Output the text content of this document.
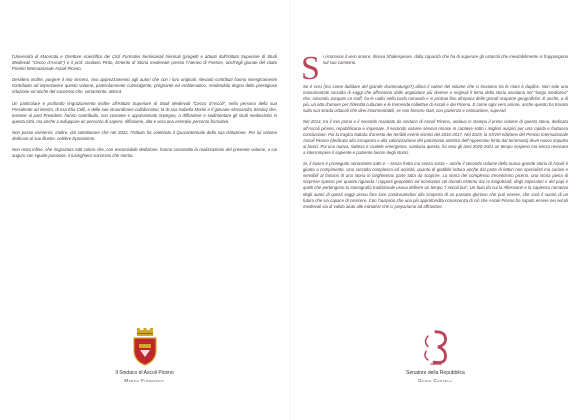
l'Università di Macerata e Direttore scientifico dei Cicli Formativi Seminariali triennali (progetti e attuati dall'Istituto Superiore di Studi Medievali "Cecco d'Ascoli") e il prof. Giuliano Pinto, Emerito di Storia medievale presso l'Ateneo di Firenze, anch'egli giurato del citato Premio Internazionale Ascoli Piceno.

Desidero inoltre, porgere il mio sincero, vivo apprezzamento agli autori che con i loro originali, rilevanti contributi hanno sinergicamente contribuito ad impreziosire questo volume, particolarmente coinvolgente, pregnante ed emblematico, rendendolo degno della prestigiosa riduzione ed anche del successo che, certamente, otterrà.

Un particolare e profondo ringraziamento inoltre all'Istituto Superiore di Studi Medievali "Cecco d'Ascoli", nella persona della sua Presidente ad interim, dr.ssa Elia Celli, e delle sue straordinarie collaboratori, la dr.ssa Isabella Morini e il giovane Alessandro Senzioj che, insieme al past President, hanno contribuito, con costante e appassionato impegno, a diffondere e sedimentare gli studi medievistici in questa città, ma anche a sviluppare un percorso di sapere, diffusione, alta e vera una esempio percorso formativo.

Non posso esimermi, inoltre, dal sottolineare che nel 2022, l'Istituto ha celebrato il Quarantennale della sua istituzione. Per lui volume dedicare al suo illustre, celebre Epononimo.

Non resta infine, che ringraziare tutti coloro che, con encomiabile dedizione, hanno consentito la realizzazione del presente volume, a cui auguro con sguale passione, il lusinghiero successo che merita.

Il Sindaco di Ascoli Piceno
Marco Fioravanti
S i riconosce il vero amore, diceva Shakespeare, dalla capacità che ha di superare gli ostacoli che inevitabilmente si frappongono sul suo cammino.

Se è così (ma come dubitare del grande drammaturgo?) allora il valore del volume che ci troviamo tra le mani è duplice. Non solo una monumentale raccolta di saggi che affrontano dalle angolature più diverse e originali il tema della storia ascolana nel "lungo medioevo" che, secondo Jacques Le Goff, ha le radici nella tarda romanità e si protrae fino all'epoca delle grandi scoperte geografiche. È anche, e di più, un atto d'amore per l'identità culturale e le tremende collettivo di Ascoli e dei Piceno. E come ogni vero amore, anche questo ha trovato sulla sua strada ostacoli che direi insormontabili, se non fossero stati, con pazienza e ostinazione, superati.

Nel 2014, tra il mio primo e il secondo mandato da sindaco di Ascoli Piceno, andava in stampa il primo volume di questa storia, dedicato all'Ascoli piceno, repubblicana e imperiale. Il secondo volume serviva rimase in cantiere sotto i migliori auspici per una rapida e fruttuosa conclusione. Poi la tragica battuta d'arresto dei terribili eventi sismici del 2016-2017. Nel 2019, la XXVIII edizione del Premio Internazionale Ascoli Piceno (dedicato alla riscoperta e alla valorizzazione del patrimonio artistico dell'Appennino ferito dal terremoto) deve nuovo impulso ai lavori. Poi una nuova, riattesa e crudele emergenza, sanitaria questa, ha reso gli anni 2020-2021 un tempo sospeso ma senza revocare a interrompere il sapiente e paziente lavoro degli storici.

Si, il lavoro è proseguito nonostante tutto e – senza fretta ma senza sosta – anche il secondo volume della nuova grande storia di Ascoli è giunto a compimento. Una raccolta complessa ed ariosità, quanto di godibile lettura anche dal parte di lettori non specialisti ma curiosi e sensibili al fascino di una storia in larghissima parte tutta da scoprire. La storia del complesso trecentismo piceno, una storia piena di sorprese spesso per quanto riguarda i rapporti geopolitici ed economici col mondo esterno dai re longobardi, degli imperatori e dei papi e quelli che pertengono la storiografia tradizionale usava definire un tempo "i secoli bui". Un buio da cui la riflessione e la sapienza narrativa degli autori di questi saggi assou fare luce conduruendoci alla scoperta di un passato glorioso che può essere, che sarà il suono di un futuro che sia capace di crescere. Con l'auspicio che una più approfondita conoscenza di ciò che Ascoli Piceno ha saputo essere nei secoli medievali sia di valido aiuto alle iniziative che ci prepariamo ad affrontare.

Senatore della Repubblica
Guido Castelli
